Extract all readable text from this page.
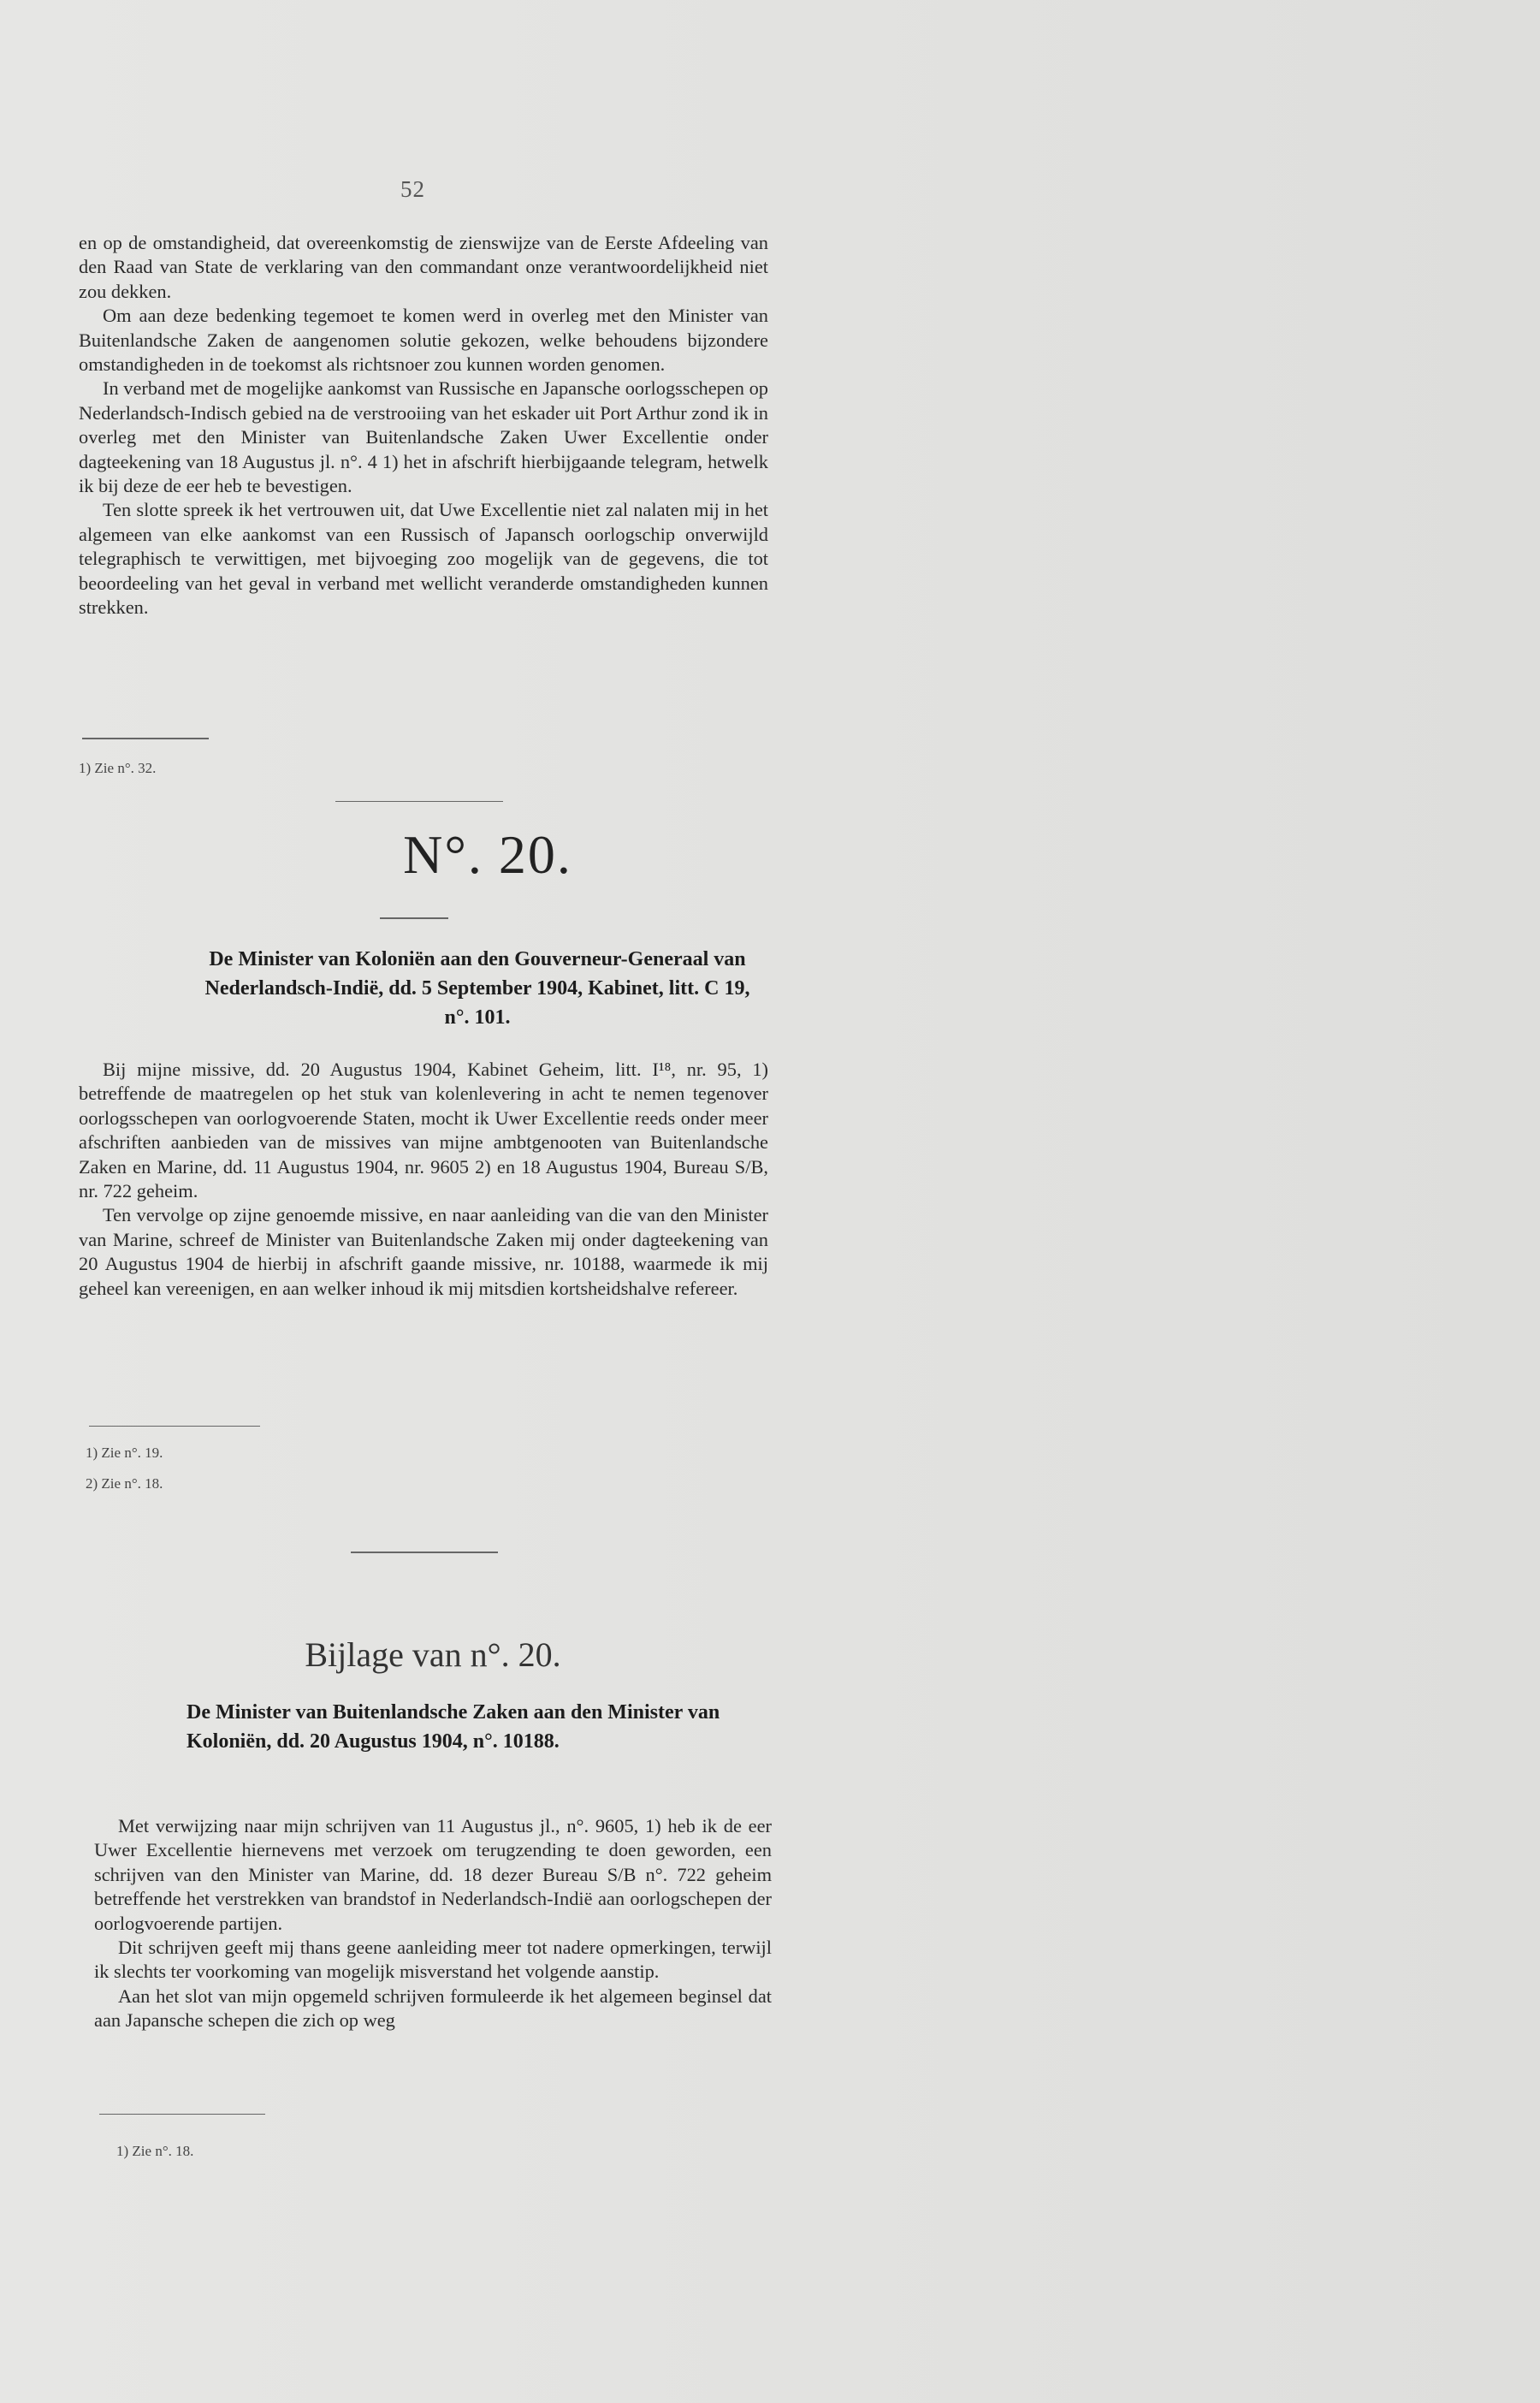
52

en op de omstandigheid, dat overeenkomstig de zienswijze van de Eerste Afdeeling van den Raad van State de verklaring van den commandant onze verantwoordelijkheid niet zou dekken.

Om aan deze bedenking tegemoet te komen werd in overleg met den Minister van Buitenlandsche Zaken de aangenomen solutie gekozen, welke behoudens bijzondere omstandigheden in de toekomst als richtsnoer zou kunnen worden genomen.

In verband met de mogelijke aankomst van Russische en Japansche oorlogsschepen op Nederlandsch-Indisch gebied na de verstrooiing van het eskader uit Port Arthur zond ik in overleg met den Minister van Buitenlandsche Zaken Uwer Excellentie onder dagteekening van 18 Augustus jl. n°. 4 1) het in afschrift hierbijgaande telegram, hetwelk ik bij deze de eer heb te bevestigen.

Ten slotte spreek ik het vertrouwen uit, dat Uwe Excellentie niet zal nalaten mij in het algemeen van elke aankomst van een Russisch of Japansch oorlogschip onverwijld telegraphisch te verwittigen, met bijvoeging zoo mogelijk van de gegevens, die tot beoordeeling van het geval in verband met wellicht veranderde omstandigheden kunnen strekken.

1) Zie n°. 32.

N°. 20.
De Minister van Koloniën aan den Gouverneur-Generaal van Nederlandsch-Indië, dd. 5 September 1904, Kabinet, litt. C 19, n°. 101.

Bij mijne missive, dd. 20 Augustus 1904, Kabinet Geheim, litt. I¹⁸, nr. 95, 1) betreffende de maatregelen op het stuk van kolenlevering in acht te nemen tegenover oorlogsschepen van oorlogvoerende Staten, mocht ik Uwer Excellentie reeds onder meer afschriften aanbieden van de missives van mijne ambtgenooten van Buitenlandsche Zaken en Marine, dd. 11 Augustus 1904, nr. 9605 2) en 18 Augustus 1904, Bureau S/B, nr. 722 geheim.

Ten vervolge op zijne genoemde missive, en naar aanleiding van die van den Minister van Marine, schreef de Minister van Buitenlandsche Zaken mij onder dagteekening van 20 Augustus 1904 de hierbij in afschrift gaande missive, nr. 10188, waarmede ik mij geheel kan vereenigen, en aan welker inhoud ik mij mitsdien kortsheidshalve refereer.

1) Zie n°. 19.

2) Zie n°. 18.

Bijlage van n°. 20.
De Minister van Buitenlandsche Zaken aan den Minister van Koloniën, dd. 20 Augustus 1904, n°. 10188.

Met verwijzing naar mijn schrijven van 11 Augustus jl., n°. 9605, 1) heb ik de eer Uwer Excellentie hiernevens met verzoek om terugzending te doen geworden, een schrijven van den Minister van Marine, dd. 18 dezer Bureau S/B n°. 722 geheim betreffende het verstrekken van brandstof in Nederlandsch-Indië aan oorlogschepen der oorlogvoerende partijen.

Dit schrijven geeft mij thans geene aanleiding meer tot nadere opmerkingen, terwijl ik slechts ter voorkoming van mogelijk misverstand het volgende aanstip.

Aan het slot van mijn opgemeld schrijven formuleerde ik het algemeen beginsel dat aan Japansche schepen die zich op weg

1) Zie n°. 18.
